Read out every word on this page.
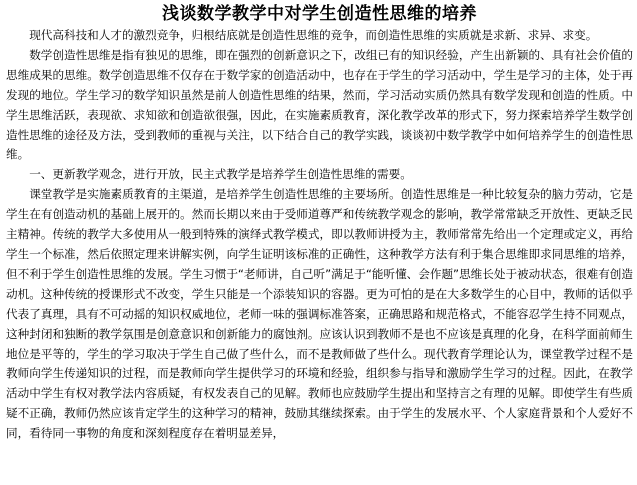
浅谈数学教学中对学生创造性思维的培养

现代高科技和人才的激烈竞争，归根结底就是创造性思维的竞争，而创造性思维的实质就是求新、求异、求变。

数学创造性思维是指有独见的思维，即在强烈的创新意识之下，改组已有的知识经验，产生出新颖的、具有社会价值的思维成果的思维。数学创造思维不仅存在于数学家的创造活动中，也存在于学生的学习活动中，学生是学习的主体，处于再发现的地位。学生学习的数学知识虽然是前人创造性思维的结果，然而，学习活动实质仍然具有数学发现和创造的性质。中学生思维活跃，表现欲、求知欲和创造欲很强，因此，在实施素质教育，深化教学改革的形式下，努力探索培养学生数学创造性思维的途径及方法，受到教师的重视与关注，以下结合自己的教学实践，谈谈初中数学教学中如何培养学生的创造性思维。

一、更新教学观念，进行开放，民主式教学是培养学生创造性思维的需要。

课堂教学是实施素质教育的主渠道，是培养学生创造性思维的主要场所。创造性思维是一种比较复杂的脑力劳动，它是学生在有创造动机的基础上展开的。然而长期以来由于受师道尊严和传统教学观念的影响，教学常常缺乏开放性、更缺乏民主精神。传统的教学大多使用从一般到特殊的演绎式教学模式，即以教师讲授为主，教师常常先给出一个定理或定义，再给学生一个标准，然后依照定理来讲解实例，向学生证明该标准的正确性，这种教学方法有利于集合思维即求同思维的培养，但不利于学生创造性思维的发展。学生习惯于“老师讲，自己听”满足于“能听懂、会作题”思维长处于被动状态，很难有创造动机。这种传统的授课形式不改变，学生只能是一个添装知识的容器。更为可怕的是在大多数学生的心目中，教师的话似乎代表了真理，具有不可动摇的知识权威地位，老师一味的强调标准答案，正确思路和规范格式，不能容忍学生持不同观点，这种封闭和独断的教学氛围是创意意识和创新能力的腐蚀剂。应该认识到教师不是也不应该是真理的化身，在科学面前师生地位是平等的，学生的学习取决于学生自己做了些什么，而不是教师做了些什么。现代教育学理论认为，课堂教学过程不是教师向学生传递知识的过程，而是教师向学生提供学习的环境和经验，组织参与指导和激励学生学习的过程。因此，在教学活动中学生有权对教学法内容质疑，有权发表自己的见解。教师也应鼓励学生提出和坚持言之有理的见解。即使学生有些质疑不正确，教师仍然应该肯定学生的这种学习的精神，鼓励其继续探索。由于学生的发展水平、个人家庭背景和个人爱好不同，看待同一事物的角度和深刻程度存在着明显差异，
